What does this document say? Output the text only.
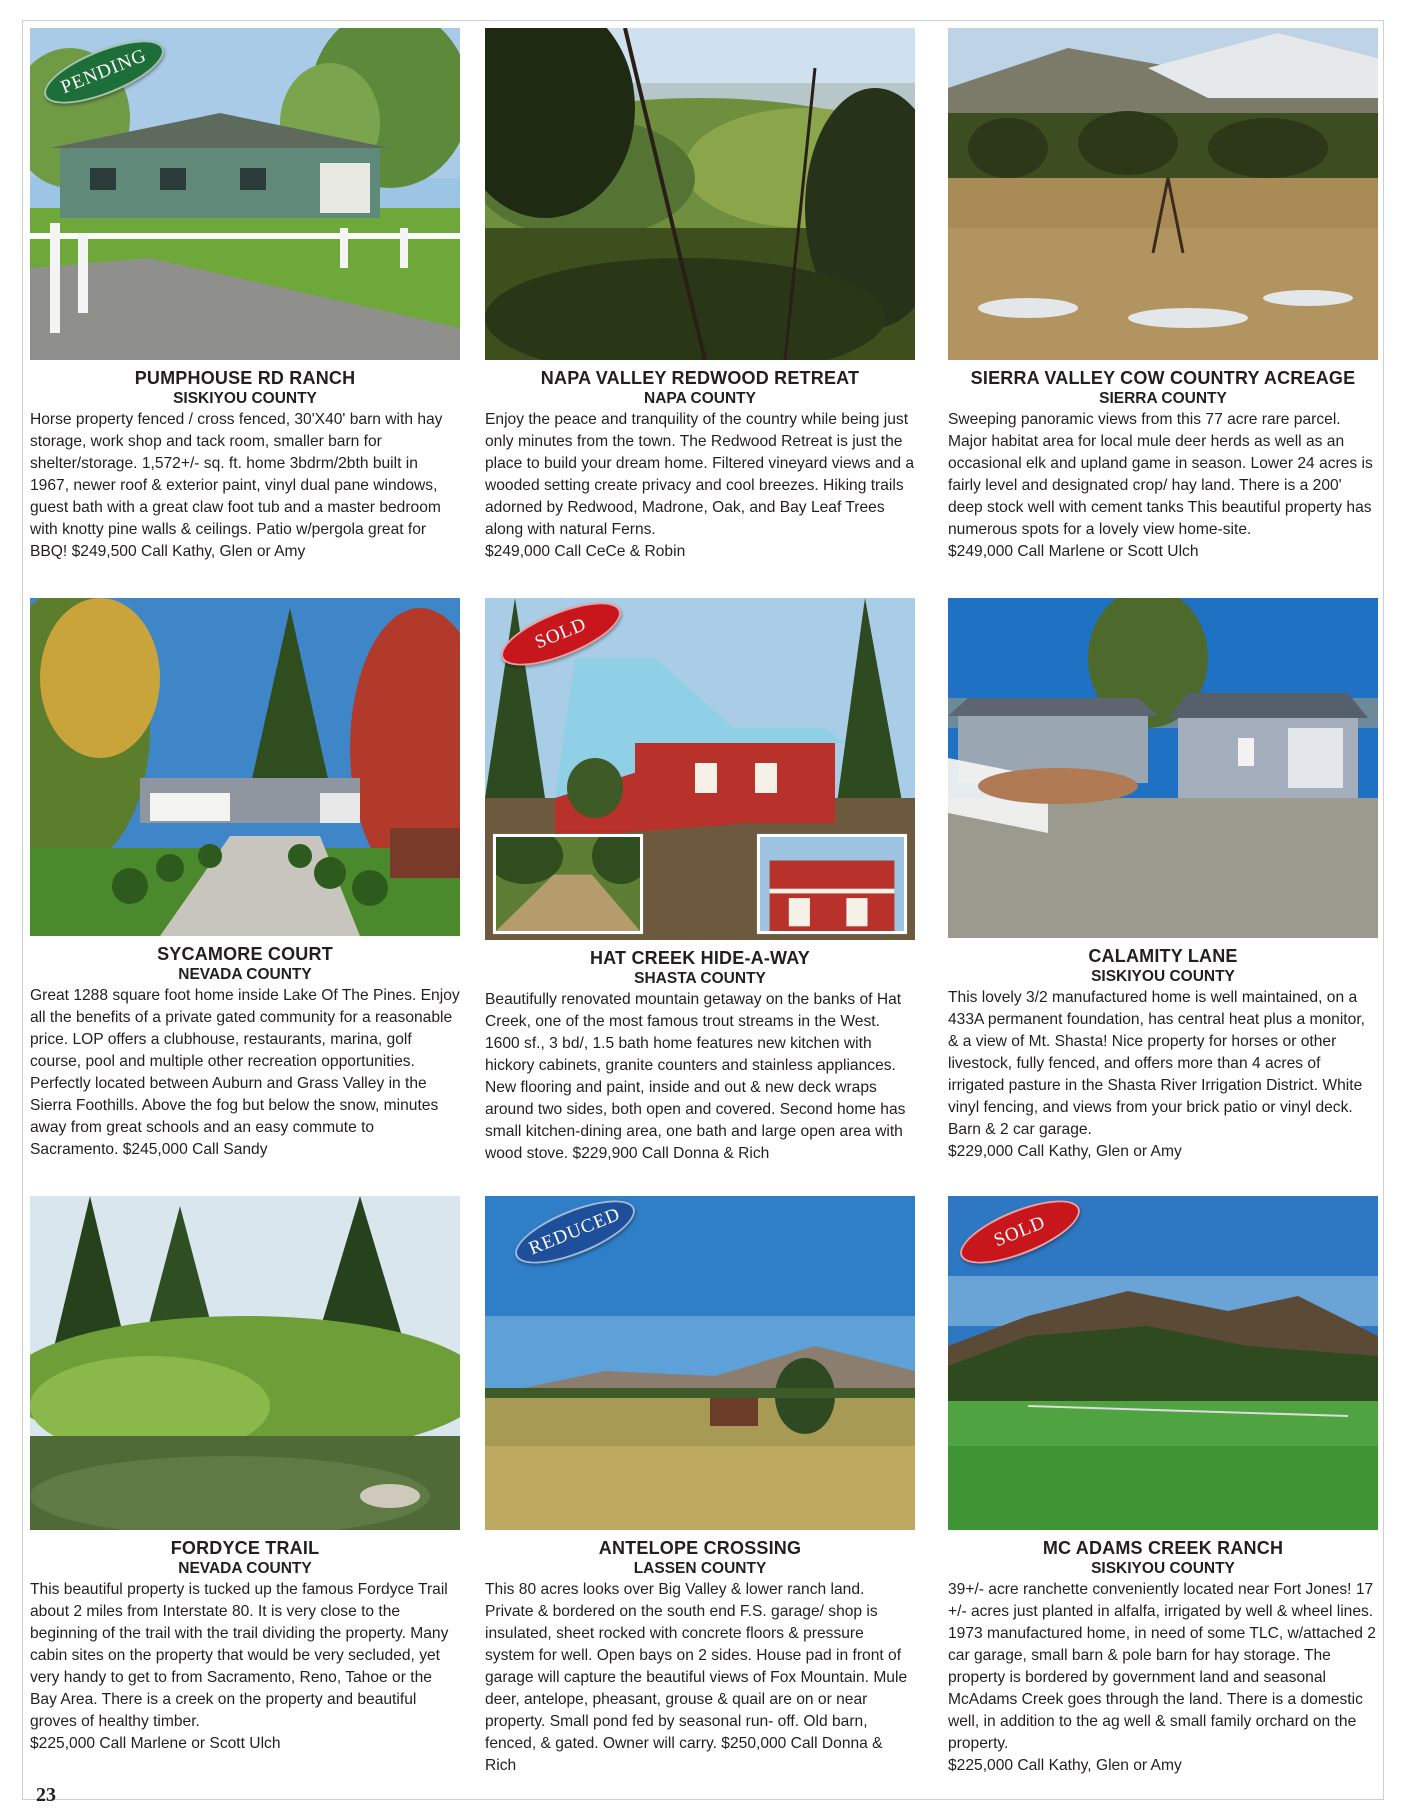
PENDING
PUMPHOUSE RD RANCH
SISKIYOU COUNTY
Horse property fenced / cross fenced, 30'X40' barn with hay storage, work shop and tack room, smaller barn for shelter/storage. 1,572+/- sq. ft. home 3bdrm/2bth built in 1967, newer roof & exterior paint, vinyl dual pane windows, guest bath with a great claw foot tub and a master bedroom with knotty pine walls & ceilings. Patio w/pergola great for BBQ! $249,500 Call Kathy, Glen or Amy
NAPA VALLEY REDWOOD RETREAT
NAPA COUNTY
Enjoy the peace and tranquility of the country while being just only minutes from the town. The Redwood Retreat is just the place to build your dream home. Filtered vineyard views and a wooded setting create privacy and cool breezes. Hiking trails adorned by Redwood, Madrone, Oak, and Bay Leaf Trees along with natural Ferns.
$249,000 Call CeCe & Robin
SIERRA VALLEY COW COUNTRY ACREAGE
SIERRA COUNTY
Sweeping panoramic views from this 77 acre rare parcel. Major habitat area for local mule deer herds as well as an occasional elk and upland game in season. Lower 24 acres is fairly level and designated crop/ hay land. There is a 200' deep stock well with cement tanks This beautiful property has numerous spots for a lovely view home-site.
$249,000 Call Marlene or Scott Ulch
SYCAMORE COURT
NEVADA COUNTY
Great 1288 square foot home inside Lake Of The Pines. Enjoy all the benefits of a private gated community for a reasonable price. LOP offers a clubhouse, restaurants, marina, golf course, pool and multiple other recreation opportunities. Perfectly located between Auburn and Grass Valley in the Sierra Foothills. Above the fog but below the snow, minutes away from great schools and an easy commute to Sacramento. $245,000 Call Sandy
SOLD
HAT CREEK HIDE-A-WAY
SHASTA COUNTY
Beautifully renovated mountain getaway on the banks of Hat Creek, one of the most famous trout streams in the West. 1600 sf., 3 bd/, 1.5 bath home features new kitchen with hickory cabinets, granite counters and stainless appliances. New flooring and paint, inside and out & new deck wraps around two sides, both open and covered. Second home has small kitchen-dining area, one bath and large open area with wood stove. $229,900 Call Donna & Rich
CALAMITY LANE
SISKIYOU COUNTY
This lovely 3/2 manufactured home is well maintained, on a 433A permanent foundation, has central heat plus a monitor, & a view of Mt. Shasta! Nice property for horses or other livestock, fully fenced, and offers more than 4 acres of irrigated pasture in the Shasta River Irrigation District. White vinyl fencing, and views from your brick patio or vinyl deck. Barn & 2 car garage.
$229,000 Call Kathy, Glen or Amy
FORDYCE TRAIL
NEVADA COUNTY
This beautiful property is tucked up the famous Fordyce Trail about 2 miles from Interstate 80. It is very close to the beginning of the trail with the trail dividing the property. Many cabin sites on the property that would be very secluded, yet very handy to get to from Sacramento, Reno, Tahoe or the Bay Area. There is a creek on the property and beautiful groves of healthy timber.
$225,000 Call Marlene or Scott Ulch
REDUCED
ANTELOPE CROSSING
LASSEN COUNTY
This 80 acres looks over Big Valley & lower ranch land. Private & bordered on the south end F.S. garage/ shop is insulated, sheet rocked with concrete floors & pressure system for well. Open bays on 2 sides. House pad in front of garage will capture the beautiful views of Fox Mountain. Mule deer, antelope, pheasant, grouse & quail are on or near property. Small pond fed by seasonal run- off. Old barn, fenced, & gated. Owner will carry. $250,000 Call Donna & Rich
SOLD
MC ADAMS CREEK RANCH
SISKIYOU COUNTY
39+/- acre ranchette conveniently located near Fort Jones! 17 +/- acres just planted in alfalfa, irrigated by well & wheel lines. 1973 manufactured home, in need of some TLC, w/attached 2 car garage, small barn & pole barn for hay storage. The property is bordered by government land and seasonal McAdams Creek goes through the land. There is a domestic well, in addition to the ag well & small family orchard on the property.
$225,000 Call Kathy, Glen or Amy
23
